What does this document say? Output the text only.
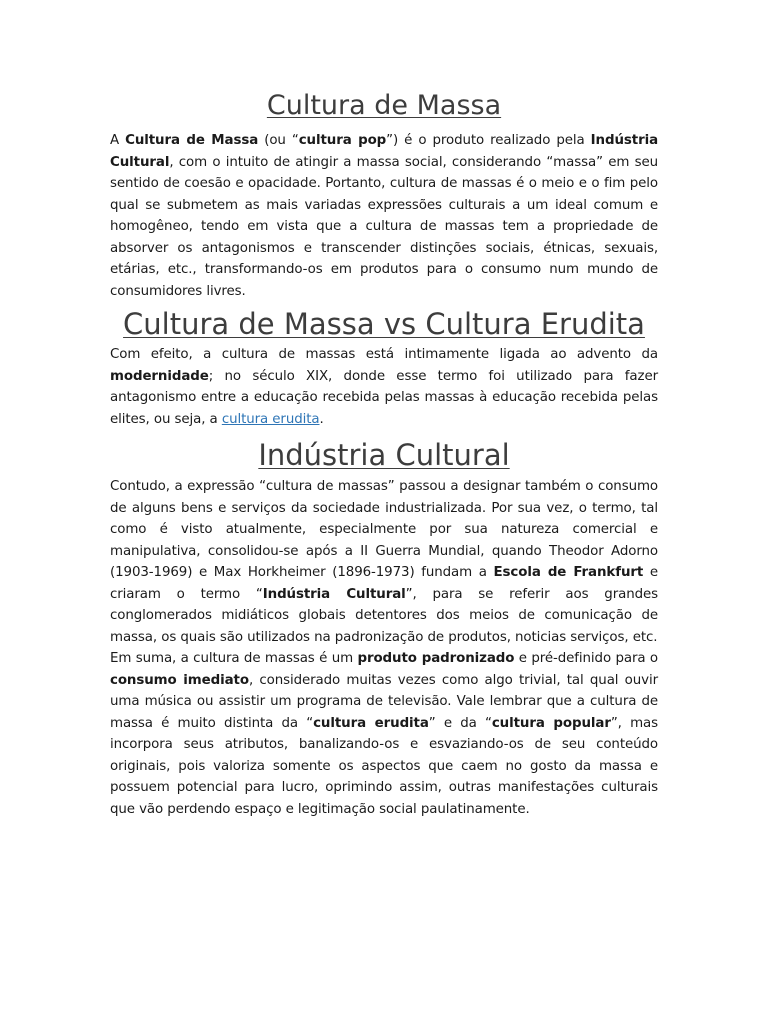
Cultura de Massa

A Cultura de Massa (ou “cultura pop”) é o produto realizado pela Indústria Cultural, com o intuito de atingir a massa social, considerando “massa” em seu sentido de coesão e opacidade. Portanto, cultura de massas é o meio e o fim pelo qual se submetem as mais variadas expressões culturais a um ideal comum e homogêneo, tendo em vista que a cultura de massas tem a propriedade de absorver os antagonismos e transcender distinções sociais, étnicas, sexuais, etárias, etc., transformando-os em produtos para o consumo num mundo de consumidores livres.

Cultura de Massa vs Cultura Erudita

Com efeito, a cultura de massas está intimamente ligada ao advento da modernidade; no século XIX, donde esse termo foi utilizado para fazer antagonismo entre a educação recebida pelas massas à educação recebida pelas elites, ou seja, a cultura erudita.

Indústria Cultural

Contudo, a expressão “cultura de massas” passou a designar também o consumo de alguns bens e serviços da sociedade industrializada. Por sua vez, o termo, tal como é visto atualmente, especialmente por sua natureza comercial e manipulativa, consolidou-se após a II Guerra Mundial, quando Theodor Adorno (1903-1969) e Max Horkheimer (1896-1973) fundam a Escola de Frankfurt e criaram o termo “Indústria Cultural”, para se referir aos grandes conglomerados midiáticos globais detentores dos meios de comunicação de massa, os quais são utilizados na padronização de produtos, noticias serviços, etc.

Em suma, a cultura de massas é um produto padronizado e pré-definido para o consumo imediato, considerado muitas vezes como algo trivial, tal qual ouvir uma música ou assistir um programa de televisão. Vale lembrar que a cultura de massa é muito distinta da “cultura erudita” e da “cultura popular”, mas incorpora seus atributos, banalizando-os e esvaziando-os de seu conteúdo originais, pois valoriza somente os aspectos que caem no gosto da massa e possuem potencial para lucro, oprimindo assim, outras manifestações culturais que vão perdendo espaço e legitimação social paulatinamente.
